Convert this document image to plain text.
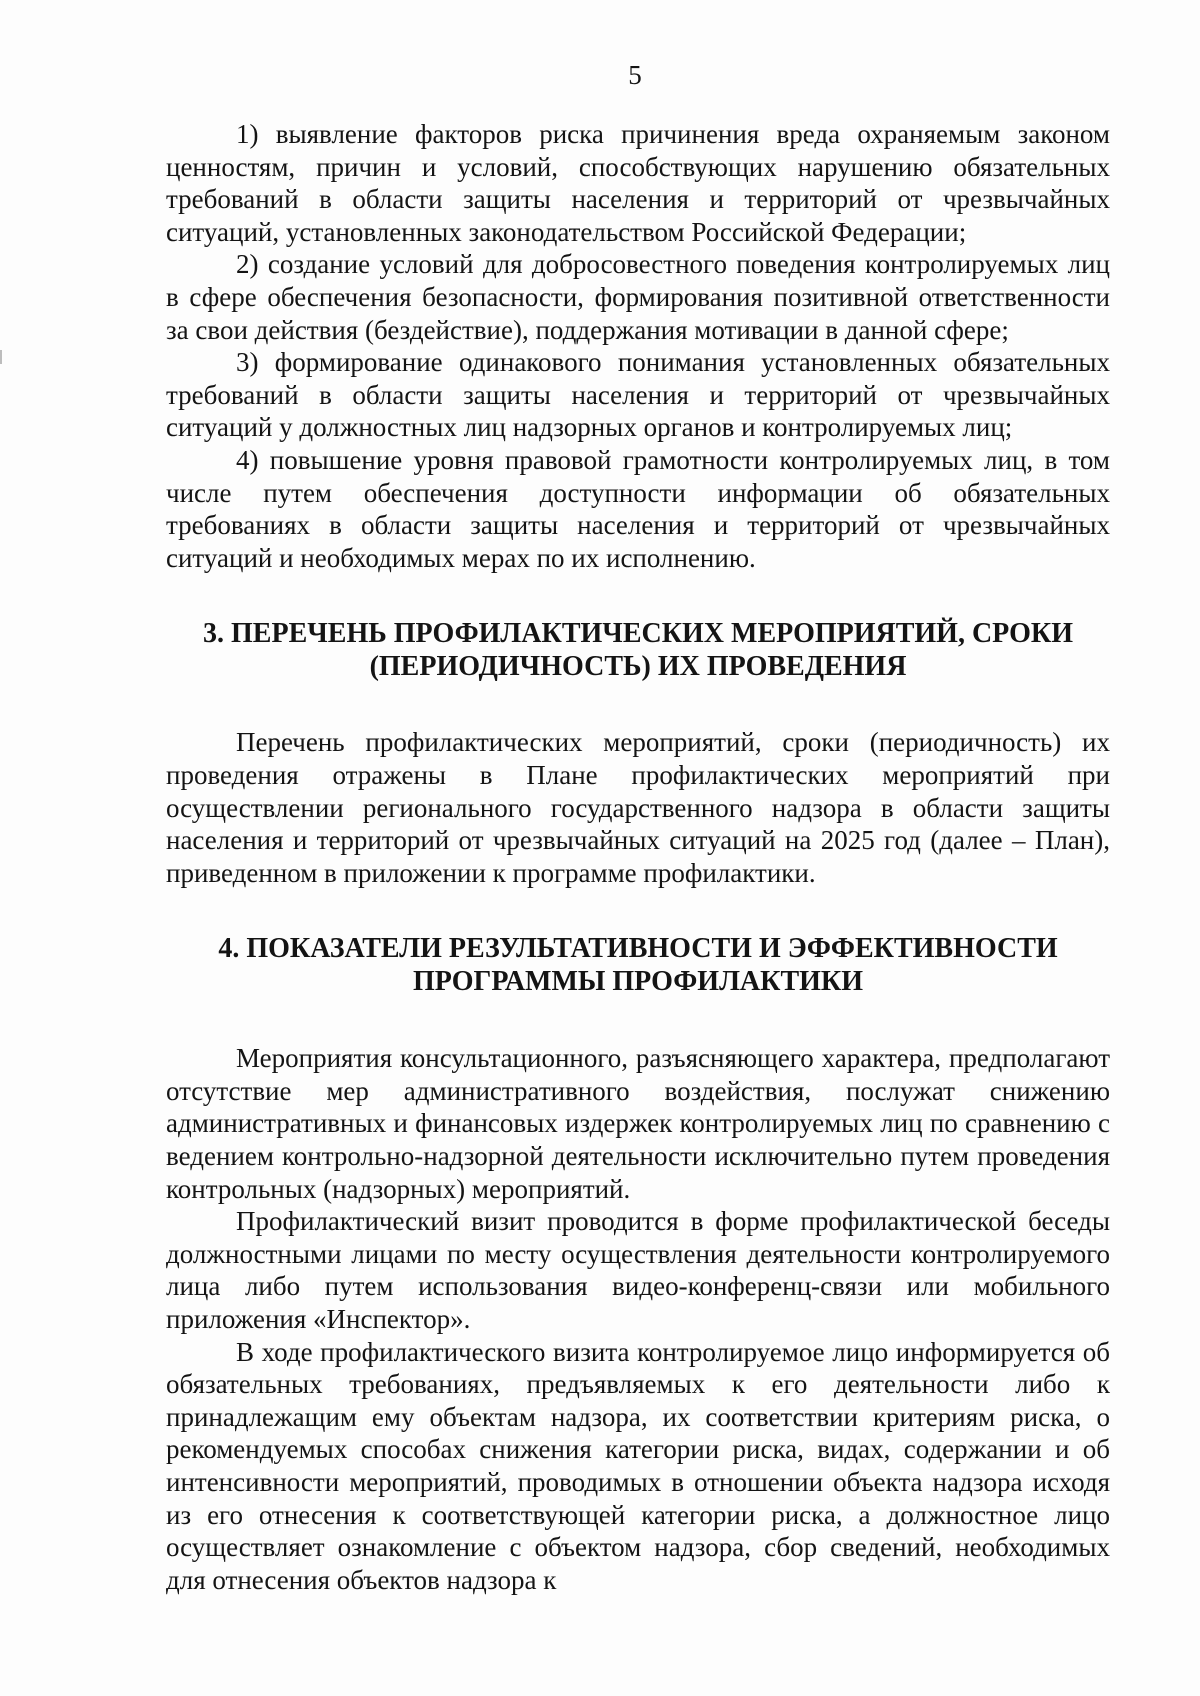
5

1) выявление факторов риска причинения вреда охраняемым законом ценностям, причин и условий, способствующих нарушению обязательных требований в области защиты населения и территорий от чрезвычайных ситуаций, установленных законодательством Российской Федерации;

2) создание условий для добросовестного поведения контролируемых лиц в сфере обеспечения безопасности, формирования позитивной ответственности за свои действия (бездействие), поддержания мотивации в данной сфере;

3) формирование одинакового понимания установленных обязательных требований в области защиты населения и территорий от чрезвычайных ситуаций у должностных лиц надзорных органов и контролируемых лиц;

4) повышение уровня правовой грамотности контролируемых лиц, в том числе путем обеспечения доступности информации об обязательных требованиях в области защиты населения и территорий от чрезвычайных ситуаций и необходимых мерах по их исполнению.

3. ПЕРЕЧЕНЬ ПРОФИЛАКТИЧЕСКИХ МЕРОПРИЯТИЙ, СРОКИ
(ПЕРИОДИЧНОСТЬ) ИХ ПРОВЕДЕНИЯ

Перечень профилактических мероприятий, сроки (периодичность) их проведения отражены в Плане профилактических мероприятий при осуществлении регионального государственного надзора в области защиты населения и территорий от чрезвычайных ситуаций на 2025 год (далее – План), приведенном в приложении к программе профилактики.

4. ПОКАЗАТЕЛИ РЕЗУЛЬТАТИВНОСТИ И ЭФФЕКТИВНОСТИ
ПРОГРАММЫ ПРОФИЛАКТИКИ

Мероприятия консультационного, разъясняющего характера, предполагают отсутствие мер административного воздействия, послужат снижению административных и финансовых издержек контролируемых лиц по сравнению с ведением контрольно-надзорной деятельности исключительно путем проведения контрольных (надзорных) мероприятий.

Профилактический визит проводится в форме профилактической беседы должностными лицами по месту осуществления деятельности контролируемого лица либо путем использования видео-конференц-связи или мобильного приложения «Инспектор».

В ходе профилактического визита контролируемое лицо информируется об обязательных требованиях, предъявляемых к его деятельности либо к принадлежащим ему объектам надзора, их соответствии критериям риска, о рекомендуемых способах снижения категории риска, видах, содержании и об интенсивности мероприятий, проводимых в отношении объекта надзора исходя из его отнесения к соответствующей категории риска, а должностное лицо осуществляет ознакомление с объектом надзора, сбор сведений, необходимых для отнесения объектов надзора к
